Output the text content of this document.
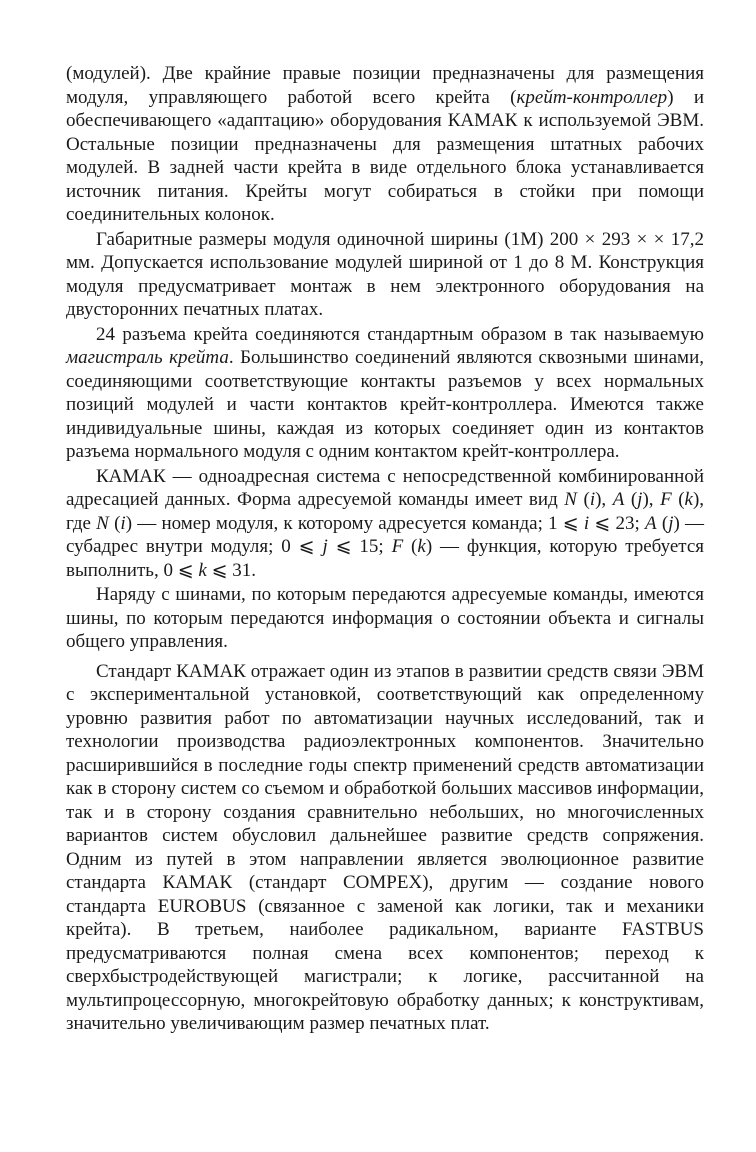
(модулей). Две крайние правые позиции предназначены для размещения модуля, управляющего работой всего крейта (крейт-контроллер) и обеспечивающего «адаптацию» оборудования КАМАК к используемой ЭВМ. Остальные позиции предназначены для размещения штатных рабочих модулей. В задней части крейта в виде отдельного блока устанавливается источник питания. Крейты могут собираться в стойки при помощи соединительных колонок.

Габаритные размеры модуля одиночной ширины (1М) 200 × 293 × × 17,2 мм. Допускается использование модулей шириной от 1 до 8 М. Конструкция модуля предусматривает монтаж в нем электронного оборудования на двусторонних печатных платах.

24 разъема крейта соединяются стандартным образом в так называемую магистраль крейта. Большинство соединений являются сквозными шинами, соединяющими соответствующие контакты разъемов у всех нормальных позиций модулей и части контактов крейт-контроллера. Имеются также индивидуальные шины, каждая из которых соединяет один из контактов разъема нормального модуля с одним контактом крейт-контроллера.

КАМАК — одноадресная система с непосредственной комбинированной адресацией данных. Форма адресуемой команды имеет вид N (i), A (j), F (k), где N (i) — номер модуля, к которому адресуется команда; 1 ⩽ i ⩽ 23; A (j) — субадрес внутри модуля; 0 ⩽ j ⩽ 15; F (k) — функция, которую требуется выполнить, 0 ⩽ k ⩽ 31.

Наряду с шинами, по которым передаются адресуемые команды, имеются шины, по которым передаются информация о состоянии объекта и сигналы общего управления.

Стандарт КАМАК отражает один из этапов в развитии средств связи ЭВМ с экспериментальной установкой, соответствующий как определенному уровню развития работ по автоматизации научных исследований, так и технологии производства радиоэлектронных компонентов. Значительно расширившийся в последние годы спектр применений средств автоматизации как в сторону систем со съемом и обработкой больших массивов информации, так и в сторону создания сравнительно небольших, но многочисленных вариантов систем обусловил дальнейшее развитие средств сопряжения. Одним из путей в этом направлении является эволюционное развитие стандарта КАМАК (стандарт COMPEX), другим — создание нового стандарта EUROBUS (связанное с заменой как логики, так и механики крейта). В третьем, наиболее радикальном, варианте FASTBUS предусматриваются полная смена всех компонентов; переход к сверхбыстродействующей магистрали; к логике, рассчитанной на мультипроцессорную, многокрейтовую обработку данных; к конструктивам, значительно увеличивающим размер печатных плат.
